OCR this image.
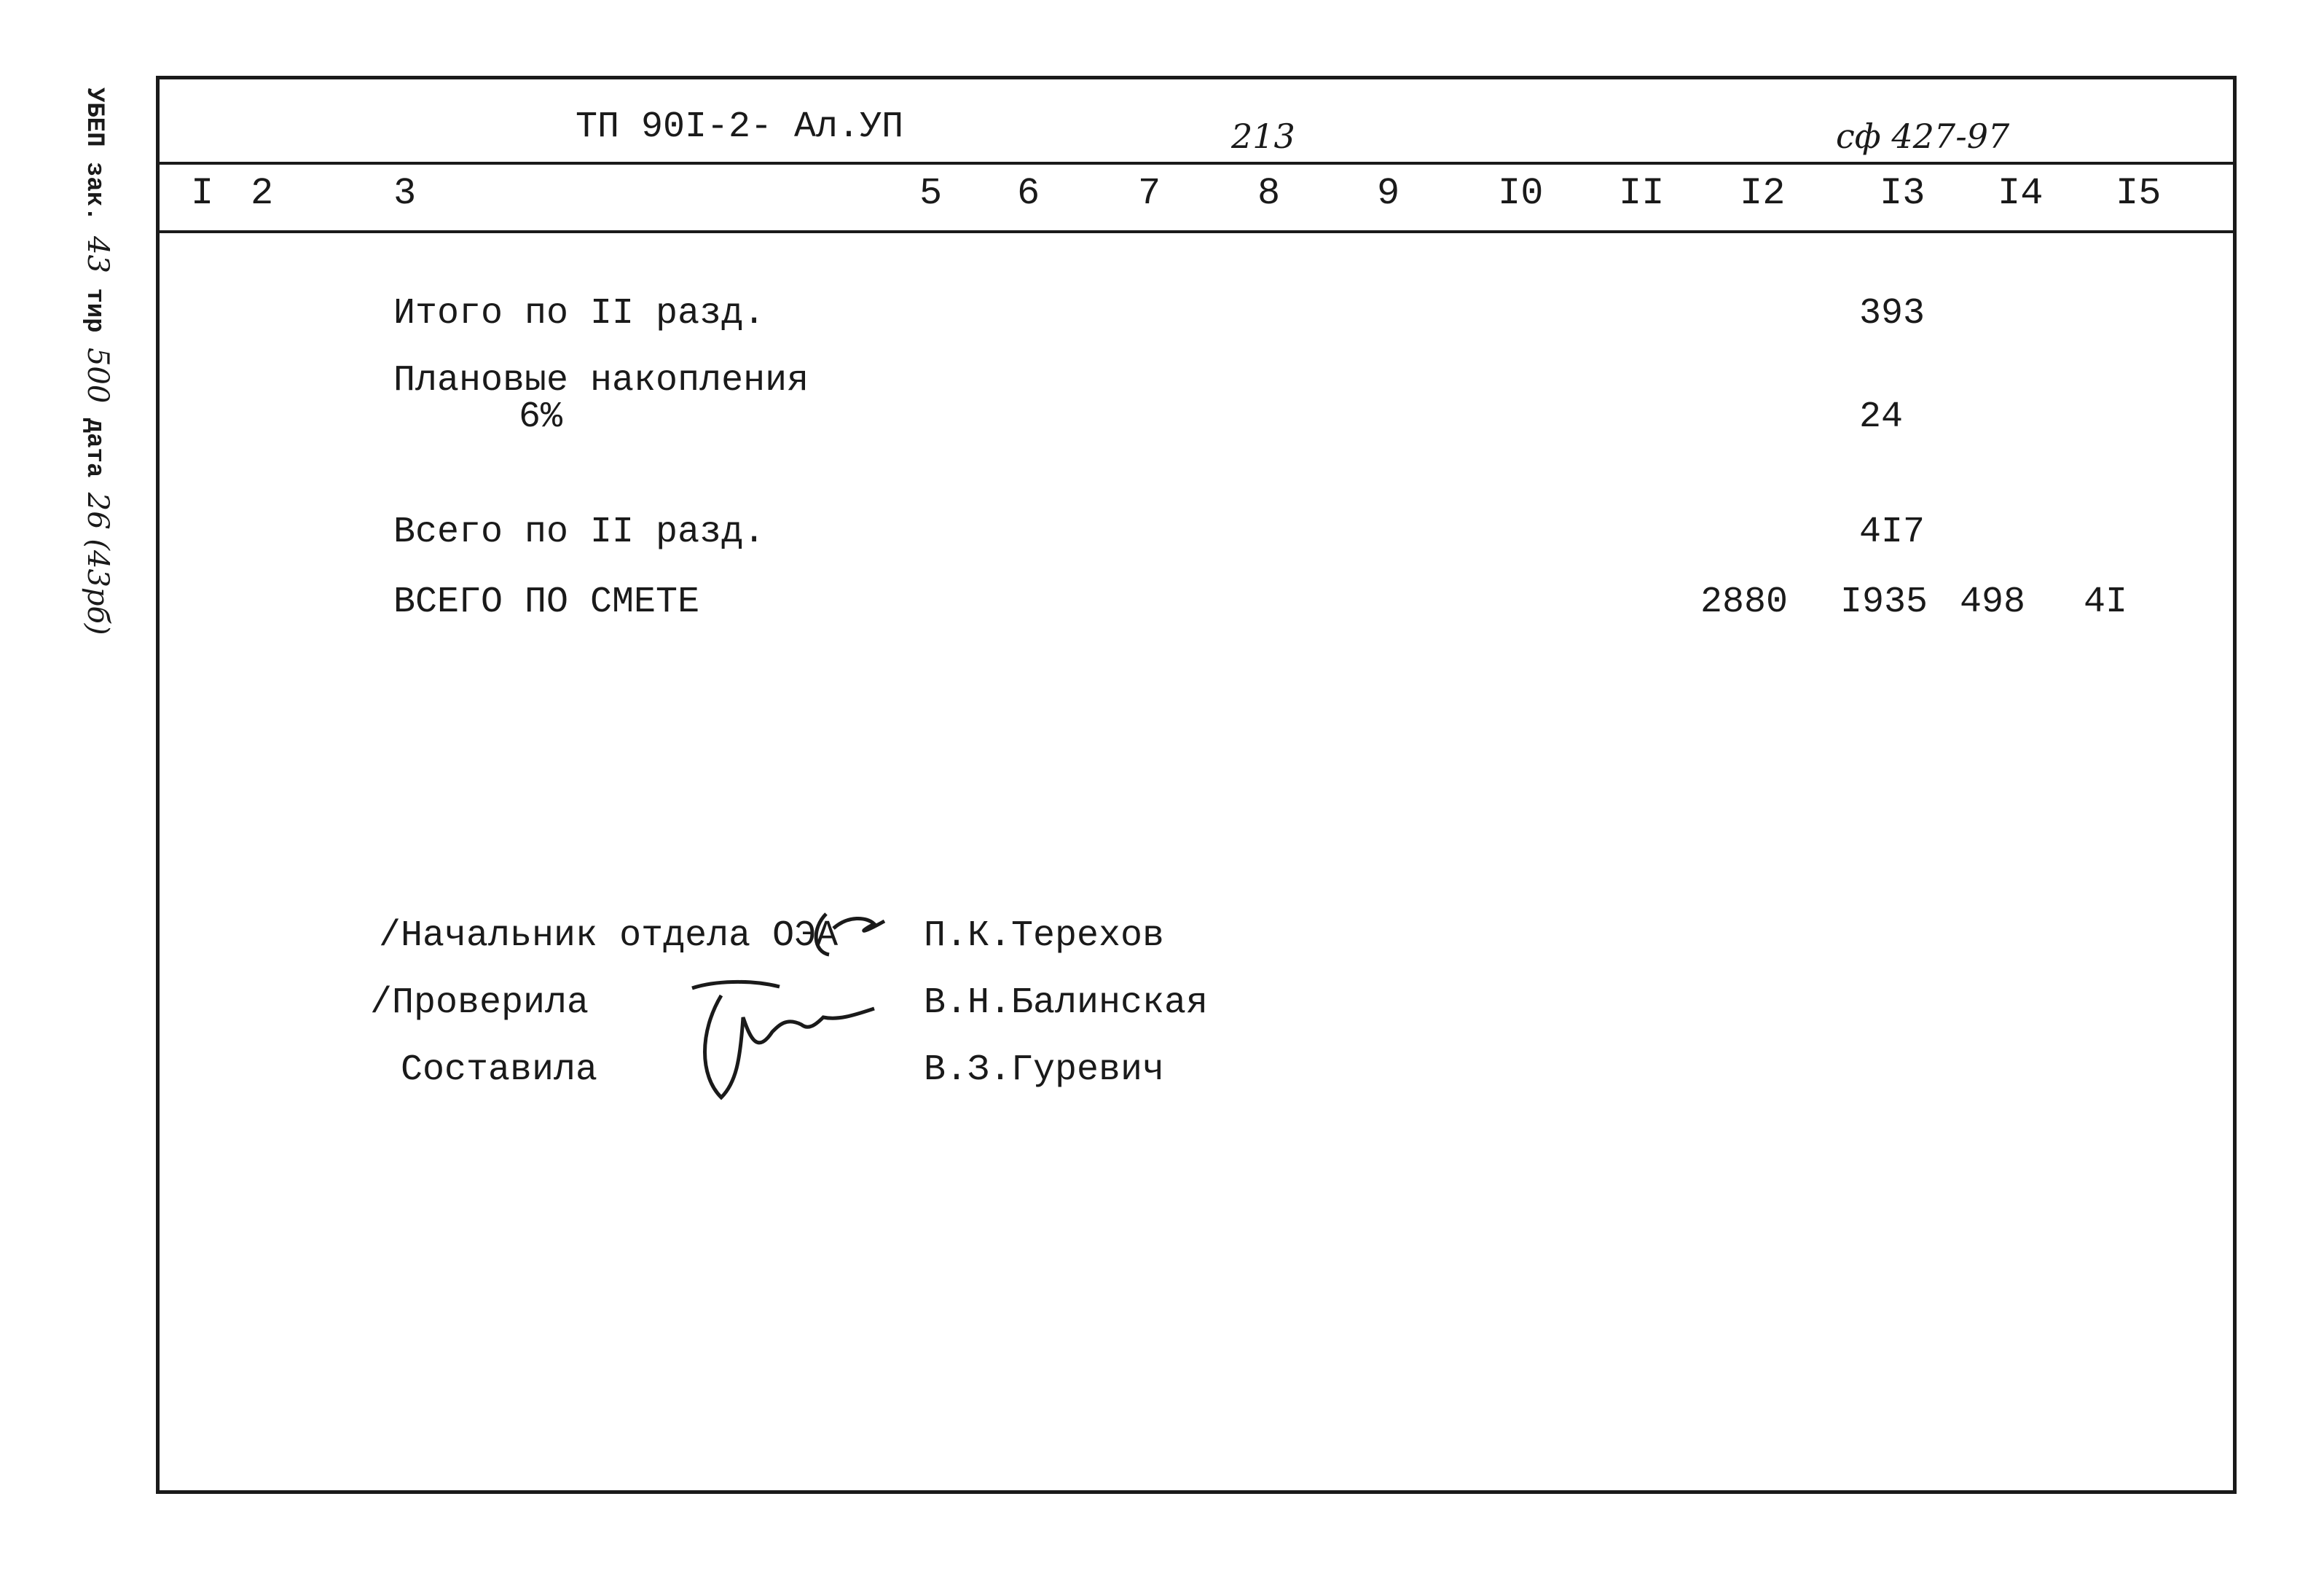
УБЕП зак. 43 тир 500 дата 26 (43рб)
ТП 90I-2- Ал.УП	213	сф 427-97
I 2	3	5 6	7	8	9	I0 II I2 I3 I4 I5
Итого по II разд.	393
Плановые накопления
6%	24
Всего по II разд.	4I7
ВСЕГО ПО СМЕТЕ	2880 I935 498 4I
/Начальник отдела ОЭА П.К.Терехов
/Проверила	В.Н.Балинская
Составила	В.З.Гуревич
